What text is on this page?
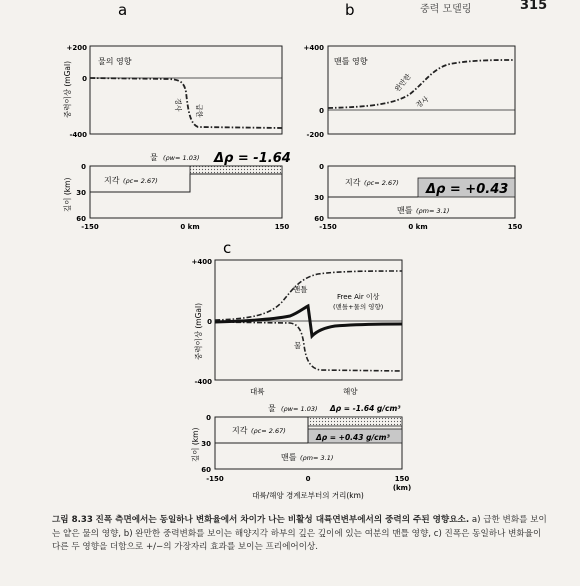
중력 모델링	315
a
+200
0
-400
중력이상 (mGal)	물의 영향
경사 급한
물 (ρw= 1.03) Δρ = -1.64
지각 (ρc= 2.67)
0
30
60
깊이 (km)
-150	0 km	150
b
+400
0
-200
맨틀 영향
완만한
경사
지각 (ρc= 2.67) Δρ = +0.43
맨틀 (ρm= 3.1)
0
30
60
-150	0 km	150
c
+400
0
-400
중력이상 (mGal)
맨틀
Free Air 이상
(맨틀+물의 영향)
물
대륙	해양
물 (ρw= 1.03) Δρ = -1.64 g/cm³
지각 (ρc= 2.67)
Δρ = +0.43 g/cm³
맨틀 (ρm= 3.1)
0
30
60
깊이 (km)
-150	0	150
(km)
대륙/해양 경계로부터의 거리(km)
그림 8.33 진폭 측면에서는 동일하나 변화율에서 차이가 나는 비활성 대륙연변부에서의 중력의 주된 영향요소. a) 급한 변화를 보이는 얕은 물의 영향, b) 완만한 중력변화를 보이는 해양지각 하부의 깊은 깊이에 있는 여분의 맨틀 영향, c) 진폭은 동일하나 변화율이 다른 두 영향을 더함으로 +/−의 가장자리 효과를 보이는 프리에어이상.
